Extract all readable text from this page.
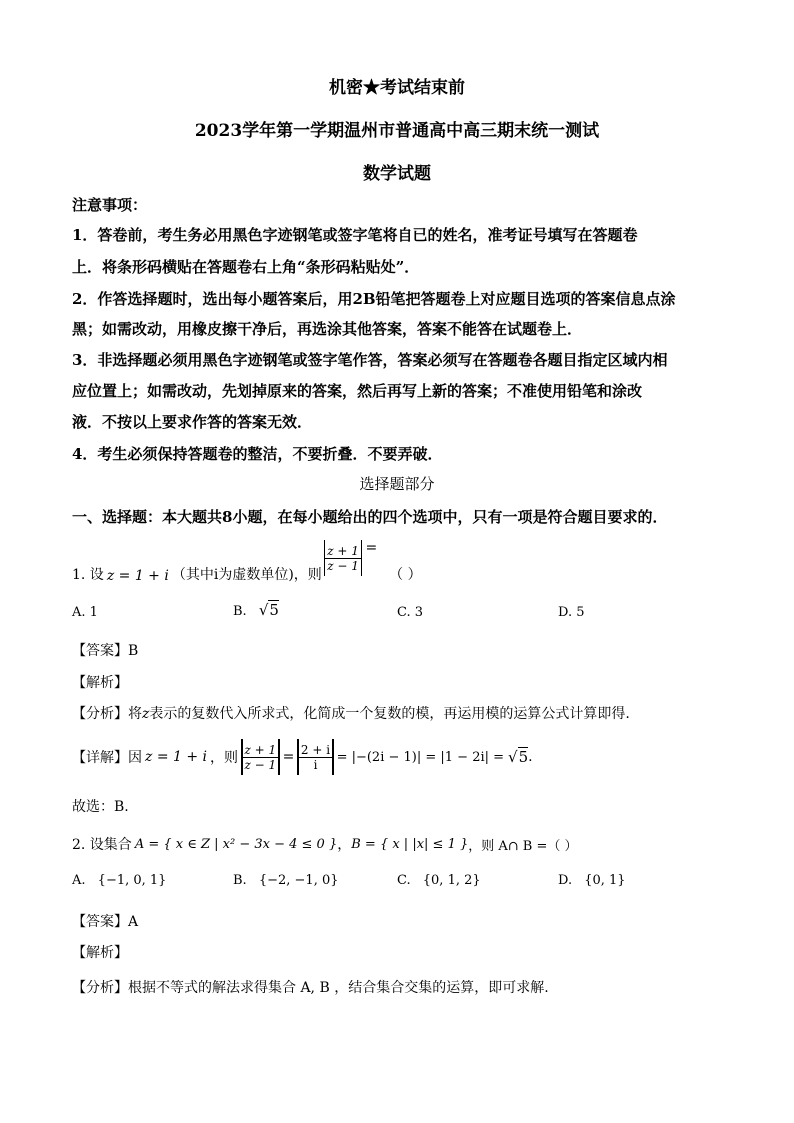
机密★考试结束前
2023学年第一学期温州市普通高中高三期末统一测试
数学试题
注意事项：
1．答卷前，考生务必用黑色字迹钢笔或签字笔将自已的姓名，准考证号填写在答题卷
上．将条形码横贴在答题卷右上角“条形码粘贴处”．
2．作答选择题时，选出每小题答案后，用2B铅笔把答题卷上对应题目选项的答案信息点涂
黑；如需改动，用橡皮擦干净后，再选涂其他答案，答案不能答在试题卷上．
3．非选择题必须用黑色字迹钢笔或签字笔作答，答案必须写在答题卷各题目指定区域内相
应位置上；如需改动，先划掉原来的答案，然后再写上新的答案；不准使用铅笔和涂改
液．不按以上要求作答的答案无效．
4．考生必须保持答题卷的整洁，不要折叠．不要弄破．
选择题部分
一、选择题：本大题共8小题，在每小题给出的四个选项中，只有一项是符合题目要求的．
1. 设 z = 1 + i （其中i为虚数单位)，则
$\frac{z + 1}{z - 1}$ =
（ ）
A. 1	B. √5	C. 3	D. 5
【答案】B
【解析】
【分析】将z表示的复数代入所求式，化简成一个复数的模，再运用模的运算公式计算即得.
【详解】 因 z = 1 + i ，则 $\frac{z + 1}{z - 1} = \frac{2 + i}{i} = |-(2i - 1)| = |1 - 2i| = √5$ .
故选：B.
2. 设集合 A = { x ∈ Z | x² − 3x − 4 ≤ 0 } ， B = { x | |x| ≤ 1 } ，则 A∩ B =（ ）
A. {−1, 0, 1}	B. {−2, −1, 0}	C. {0, 1, 2}	D. {0, 1}
【答案】A
【解析】
【分析】根据不等式的解法求得集合 A, B ，结合集合交集的运算，即可求解.
